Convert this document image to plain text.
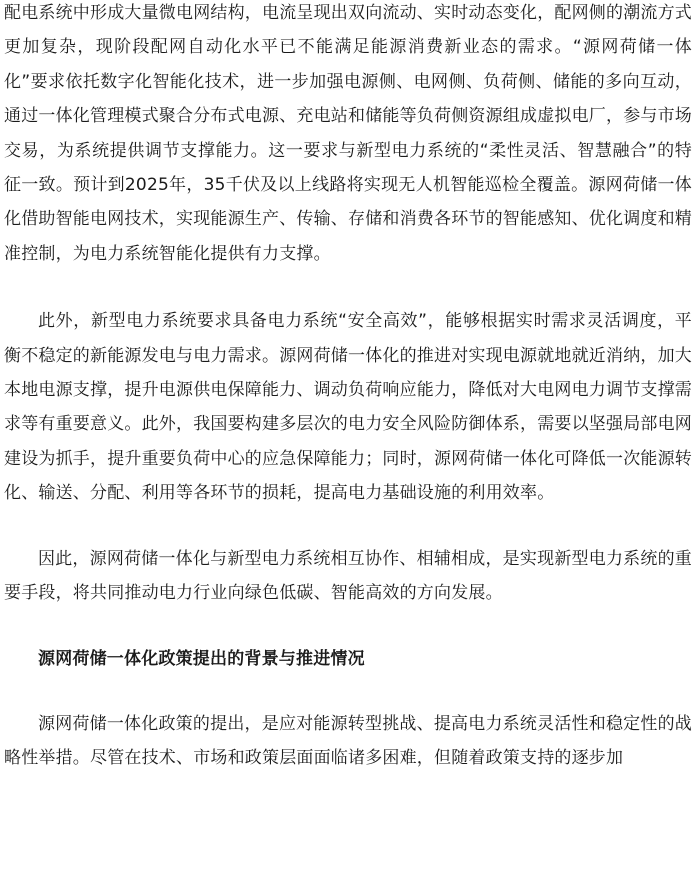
配电系统中形成大量微电网结构，电流呈现出双向流动、实时动态变化，配网侧的潮流方式更加复杂，现阶段配网自动化水平已不能满足能源消费新业态的需求。“源网荷储一体化”要求依托数字化智能化技术，进一步加强电源侧、电网侧、负荷侧、储能的多向互动，通过一体化管理模式聚合分布式电源、充电站和储能等负荷侧资源组成虚拟电厂，参与市场交易，为系统提供调节支撑能力。这一要求与新型电力系统的“柔性灵活、智慧融合”的特征一致。预计到2025年，35千伏及以上线路将实现无人机智能巡检全覆盖。源网荷储一体化借助智能电网技术，实现能源生产、传输、存储和消费各环节的智能感知、优化调度和精准控制，为电力系统智能化提供有力支撑。

此外，新型电力系统要求具备电力系统“安全高效”，能够根据实时需求灵活调度，平衡不稳定的新能源发电与电力需求。源网荷储一体化的推进对实现电源就地就近消纳，加大本地电源支撑，提升电源供电保障能力、调动负荷响应能力，降低对大电网电力调节支撑需求等有重要意义。此外，我国要构建多层次的电力安全风险防御体系，需要以坚强局部电网建设为抓手，提升重要负荷中心的应急保障能力；同时，源网荷储一体化可降低一次能源转化、输送、分配、利用等各环节的损耗，提高电力基础设施的利用效率。

因此，源网荷储一体化与新型电力系统相互协作、相辅相成，是实现新型电力系统的重要手段，将共同推动电力行业向绿色低碳、智能高效的方向发展。

源网荷储一体化政策提出的背景与推进情况

源网荷储一体化政策的提出，是应对能源转型挑战、提高电力系统灵活性和稳定性的战略性举措。尽管在技术、市场和政策层面面临诸多困难，但随着政策支持的逐步加
